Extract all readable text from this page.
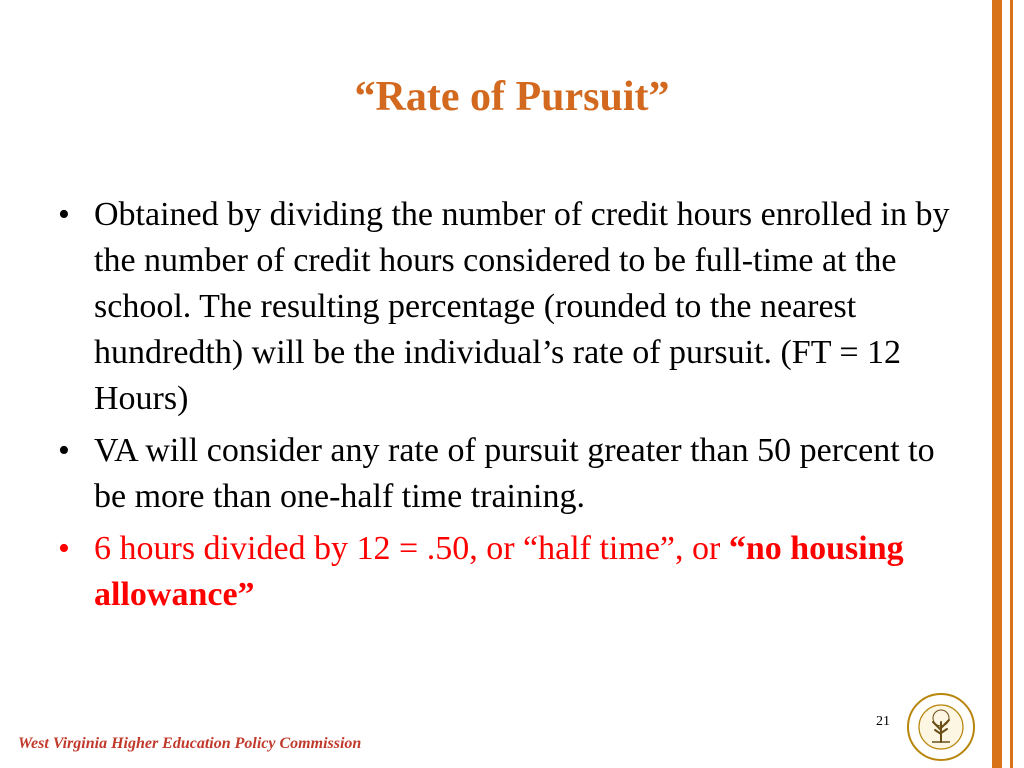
“Rate of Pursuit”
• Obtained by dividing the number of credit hours enrolled in by the number of credit hours considered to be full-time at the school. The resulting percentage (rounded to the nearest hundredth) will be the individual’s rate of pursuit. (FT = 12 Hours)
• VA will consider any rate of pursuit greater than 50 percent to be more than one-half time training.
• 6 hours divided by 12 = .50, or “half time”, or “no housing allowance”
21
West Virginia Higher Education Policy Commission
